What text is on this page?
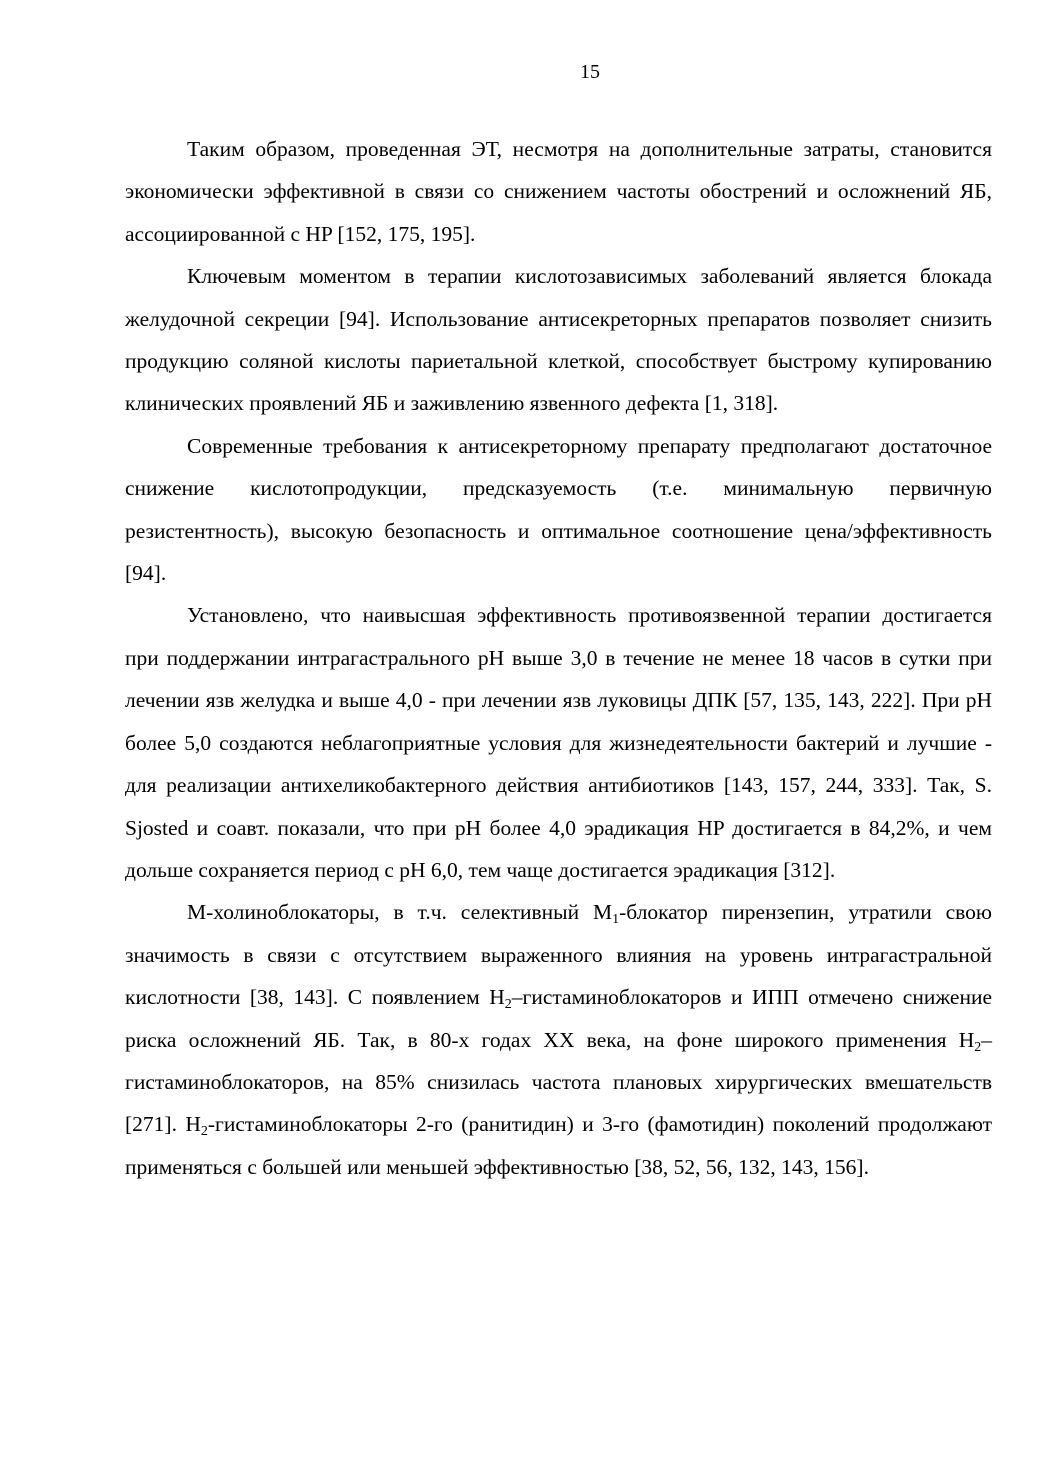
15

Таким образом, проведенная ЭТ, несмотря на дополнительные затраты, становится экономически эффективной в связи со снижением частоты обострений и осложнений ЯБ, ассоциированной с HP [152, 175, 195].

Ключевым моментом в терапии кислотозависимых заболеваний является блокада желудочной секреции [94]. Использование антисекреторных препаратов позволяет снизить продукцию соляной кислоты париетальной клеткой, способствует быстрому купированию клинических проявлений ЯБ и заживлению язвенного дефекта [1, 318].

Современные требования к антисекреторному препарату предполагают достаточное снижение кислотопродукции, предсказуемость (т.е. минимальную первичную резистентность), высокую безопасность и оптимальное соотношение цена/эффективность [94].

Установлено, что наивысшая эффективность противоязвенной терапии достигается при поддержании интрагастрального pH выше 3,0 в течение не менее 18 часов в сутки при лечении язв желудка и выше 4,0 - при лечении язв луковицы ДПК [57, 135, 143, 222]. При pH более 5,0 создаются неблагоприятные условия для жизнедеятельности бактерий и лучшие - для реализации антихеликобактерного действия антибиотиков [143, 157, 244, 333]. Так, S. Sjosted и соавт. показали, что при pH более 4,0 эрадикация HP достигается в 84,2%, и чем дольше сохраняется период с pH 6,0, тем чаще достигается эрадикация [312].

М-холиноблокаторы, в т.ч. селективный $М_1$-блокатор пирензепин, утратили свою значимость в связи с отсутствием выраженного влияния на уровень интрагастральной кислотности [38, 143]. С появлением $Н_2$–гистаминоблокаторов и ИПП отмечено снижение риска осложнений ЯБ. Так, в 80-х годах XX века, на фоне широкого применения $Н_2$–гистаминоблокаторов, на 85% снизилась частота плановых хирургических вмешательств [271]. $Н_2$-гистаминоблокаторы 2-го (ранитидин) и 3-го (фамотидин) поколений продолжают применяться с большей или меньшей эффективностью [38, 52, 56, 132, 143, 156].
